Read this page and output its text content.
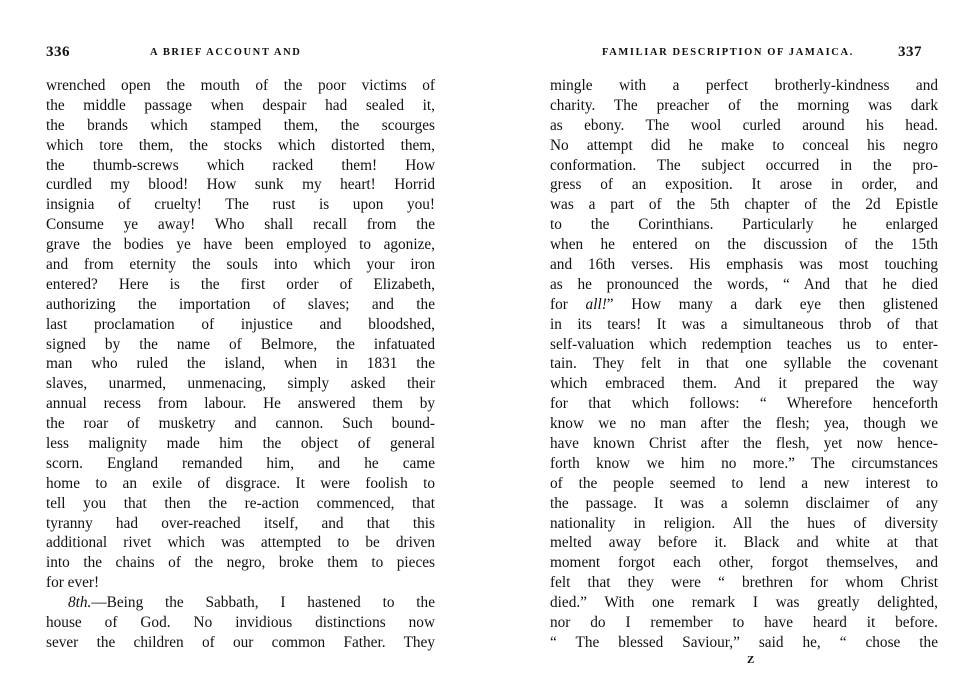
336	A BRIEF ACCOUNT AND
wrenched open the mouth of the poor victims of
the middle passage when despair had sealed it,
the brands which stamped them, the scourges
which tore them, the stocks which distorted them,
the thumb-screws which racked them! How
curdled my blood! How sunk my heart! Horrid
insignia of cruelty! The rust is upon you!
Consume ye away! Who shall recall from the
grave the bodies ye have been employed to agonize,
and from eternity the souls into which your iron
entered? Here is the first order of Elizabeth,
authorizing the importation of slaves; and the
last proclamation of injustice and bloodshed,
signed by the name of Belmore, the infatuated
man who ruled the island, when in 1831 the
slaves, unarmed, unmenacing, simply asked their
annual recess from labour. He answered them by
the roar of musketry and cannon. Such bound-
less malignity made him the object of general
scorn. England remanded him, and he came
home to an exile of disgrace. It were foolish to
tell you that then the re-action commenced, that
tyranny had over-reached itself, and that this
additional rivet which was attempted to be driven
into the chains of the negro, broke them to pieces
for ever!
8th.—Being the Sabbath, I hastened to the
house of God. No invidious distinctions now
sever the children of our common Father. They
FAMILIAR DESCRIPTION OF JAMAICA.	337
mingle with a perfect brotherly-kindness and
charity. The preacher of the morning was dark
as ebony. The wool curled around his head.
No attempt did he make to conceal his negro
conformation. The subject occurred in the pro-
gress of an exposition. It arose in order, and
was a part of the 5th chapter of the 2d Epistle
to the Corinthians. Particularly he enlarged
when he entered on the discussion of the 15th
and 16th verses. His emphasis was most touching
as he pronounced the words, “ And that he died
for all!” How many a dark eye then glistened
in its tears! It was a simultaneous throb of that
self-valuation which redemption teaches us to enter-
tain. They felt in that one syllable the covenant
which embraced them. And it prepared the way
for that which follows: “ Wherefore henceforth
know we no man after the flesh; yea, though we
have known Christ after the flesh, yet now hence-
forth know we him no more.” The circumstances
of the people seemed to lend a new interest to
the passage. It was a solemn disclaimer of any
nationality in religion. All the hues of diversity
melted away before it. Black and white at that
moment forgot each other, forgot themselves, and
felt that they were “ brethren for whom Christ
died.” With one remark I was greatly delighted,
nor do I remember to have heard it before.
“ The blessed Saviour,” said he, “ chose the
Z
